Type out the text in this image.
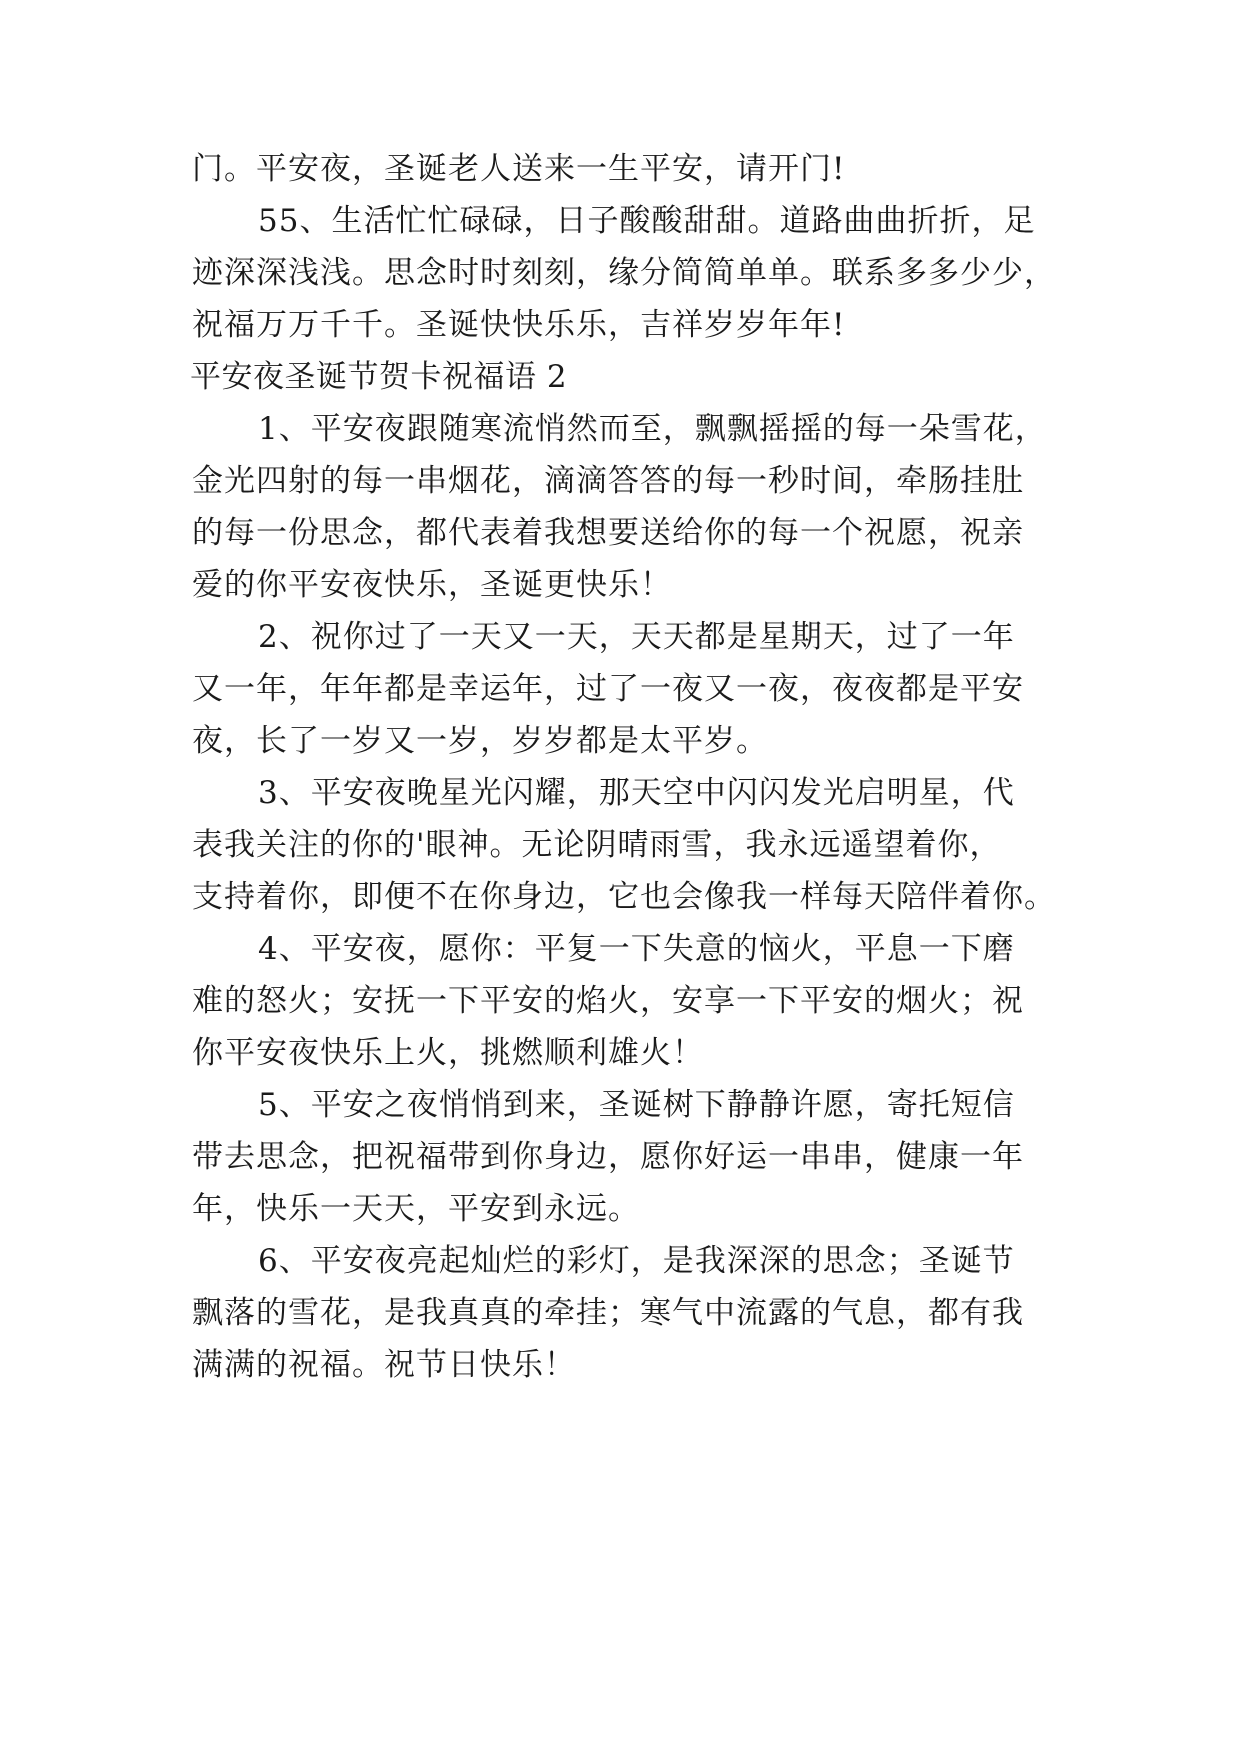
门。平安夜，圣诞老人送来一生平安，请开门!
55、生活忙忙碌碌，日子酸酸甜甜。道路曲曲折折，足
迹深深浅浅。思念时时刻刻，缘分简简单单。联系多多少少，
祝福万万千千。圣诞快快乐乐，吉祥岁岁年年!
平安夜圣诞节贺卡祝福语 2
1、平安夜跟随寒流悄然而至，飘飘摇摇的每一朵雪花，
金光四射的每一串烟花，滴滴答答的每一秒时间，牵肠挂肚
的每一份思念，都代表着我想要送给你的每一个祝愿，祝亲
爱的你平安夜快乐，圣诞更快乐！
2、祝你过了一天又一天，天天都是星期天，过了一年
又一年，年年都是幸运年，过了一夜又一夜，夜夜都是平安
夜，长了一岁又一岁，岁岁都是太平岁。
3、平安夜晚星光闪耀，那天空中闪闪发光启明星，代
表我关注的你的'眼神。无论阴晴雨雪，我永远遥望着你，
支持着你，即便不在你身边，它也会像我一样每天陪伴着你。
4、平安夜，愿你：平复一下失意的恼火，平息一下磨
难的怒火；安抚一下平安的焰火，安享一下平安的烟火；祝
你平安夜快乐上火，挑燃顺利雄火！
5、平安之夜悄悄到来，圣诞树下静静许愿，寄托短信
带去思念，把祝福带到你身边，愿你好运一串串，健康一年
年，快乐一天天，平安到永远。
6、平安夜亮起灿烂的彩灯，是我深深的思念；圣诞节
飘落的雪花，是我真真的牵挂；寒气中流露的气息，都有我
满满的祝福。祝节日快乐！
